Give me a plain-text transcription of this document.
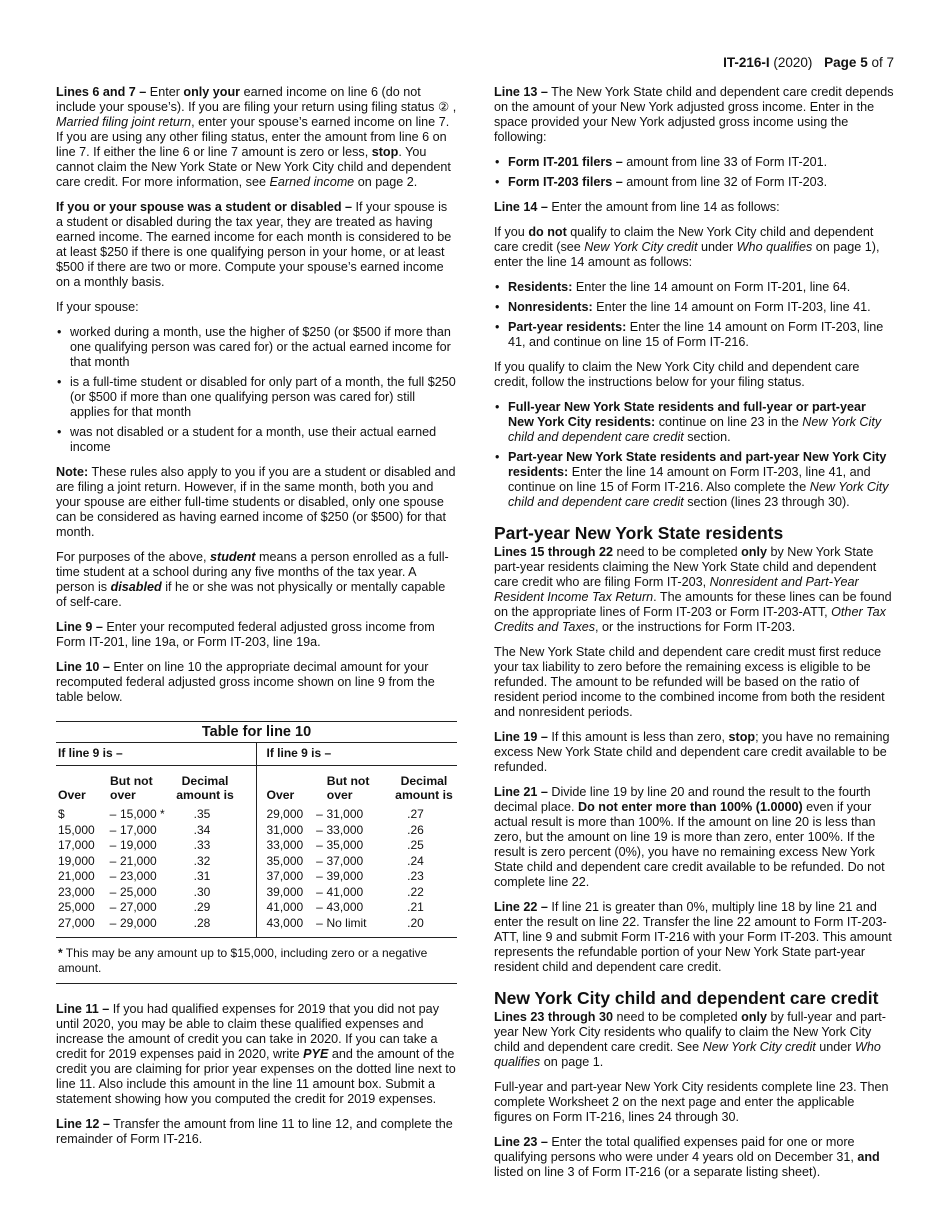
IT-216-I (2020) Page 5 of 7

Lines 6 and 7 – Enter only your earned income on line 6 (do not include your spouse’s). If you are filing your return using filing status ② , Married filing joint return, enter your spouse’s earned income on line 7. If you are using any other filing status, enter the amount from line 6 on line 7. If either the line 6 or line 7 amount is zero or less, stop. You cannot claim the New York State or New York City child and dependent care credit. For more information, see Earned income on page 2.

If you or your spouse was a student or disabled – If your spouse is a student or disabled during the tax year, they are treated as having earned income. The earned income for each month is considered to be at least $250 if there is one qualifying person in your home, or at least $500 if there are two or more. Compute your spouse’s earned income on a monthly basis.

If your spouse:

• worked during a month, use the higher of $250 (or $500 if more than one qualifying person was cared for) or the actual earned income for that month
• is a full-time student or disabled for only part of a month, the full $250 (or $500 if more than one qualifying person was cared for) still applies for that month
• was not disabled or a student for a month, use their actual earned income

Note: These rules also apply to you if you are a student or disabled and are filing a joint return. However, if in the same month, both you and your spouse are either full-time students or disabled, only one spouse can be considered as having earned income of $250 (or $500) for that month.

For purposes of the above, student means a person enrolled as a full-time student at a school during any five months of the tax year. A person is disabled if he or she was not physically or mentally capable of self-care.

Line 9 – Enter your recomputed federal adjusted gross income from Form IT-201, line 19a, or Form IT-203, line 19a.

Line 10 – Enter on line 10 the appropriate decimal amount for your recomputed federal adjusted gross income shown on line 9 from the table below.

Table for line 10
If line 9 is –
Over
But not over
Decimal amount is
$	– 15,000 *	.35
15,000	– 17,000	.34
17,000	– 19,000	.33
19,000	– 21,000	.32
21,000	– 23,000	.31
23,000	– 25,000	.30
25,000	– 27,000	.29
27,000	– 29,000	.28
If line 9 is –
Over
But not over
Decimal amount is
29,000	– 31,000	.27
31,000	– 33,000	.26
33,000	– 35,000	.25
35,000	– 37,000	.24
37,000	– 39,000	.23
39,000	– 41,000	.22
41,000	– 43,000	.21
43,000	– No limit	.20
* This may be any amount up to $15,000, including zero or a negative amount.

Line 11 – If you had qualified expenses for 2019 that you did not pay until 2020, you may be able to claim these qualified expenses and increase the amount of credit you can take in 2020. If you can take a credit for 2019 expenses paid in 2020, write PYE and the amount of the credit you are claiming for prior year expenses on the dotted line next to line 11. Also include this amount in the line 11 amount box. Submit a statement showing how you computed the credit for 2019 expenses.

Line 12 – Transfer the amount from line 11 to line 12, and complete the remainder of Form IT-216.

Line 13 – The New York State child and dependent care credit depends on the amount of your New York adjusted gross income. Enter in the space provided your New York adjusted gross income using the following:

• Form IT-201 filers – amount from line 33 of Form IT-201.
• Form IT-203 filers – amount from line 32 of Form IT-203.

Line 14 – Enter the amount from line 14 as follows:

If you do not qualify to claim the New York City child and dependent care credit (see New York City credit under Who qualifies on page 1), enter the line 14 amount as follows:

• Residents: Enter the line 14 amount on Form IT-201, line 64.
• Nonresidents: Enter the line 14 amount on Form IT-203, line 41.
• Part-year residents: Enter the line 14 amount on Form IT-203, line 41, and continue on line 15 of Form IT-216.

If you qualify to claim the New York City child and dependent care credit, follow the instructions below for your filing status.

• Full-year New York State residents and full-year or part-year New York City residents: continue on line 23 in the New York City child and dependent care credit section.
• Part-year New York State residents and part-year New York City residents: Enter the line 14 amount on Form IT-203, line 41, and continue on line 15 of Form IT-216. Also complete the New York City child and dependent care credit section (lines 23 through 30).
Part-year New York State residents

Lines 15 through 22 need to be completed only by New York State part-year residents claiming the New York State child and dependent care credit who are filing Form IT-203, Nonresident and Part-Year Resident Income Tax Return. The amounts for these lines can be found on the appropriate lines of Form IT-203 or Form IT-203-ATT, Other Tax Credits and Taxes, or the instructions for Form IT-203.

The New York State child and dependent care credit must first reduce your tax liability to zero before the remaining excess is eligible to be refunded. The amount to be refunded will be based on the ratio of resident period income to the combined income from both the resident and nonresident periods.

Line 19 – If this amount is less than zero, stop; you have no remaining excess New York State child and dependent care credit available to be refunded.

Line 21 – Divide line 19 by line 20 and round the result to the fourth decimal place. Do not enter more than 100% (1.0000) even if your actual result is more than 100%. If the amount on line 20 is less than zero, but the amount on line 19 is more than zero, enter 100%. If the result is zero percent (0%), you have no remaining excess New York State child and dependent care credit available to be refunded. Do not complete line 22.

Line 22 – If line 21 is greater than 0%, multiply line 18 by line 21 and enter the result on line 22. Transfer the line 22 amount to Form IT-203-ATT, line 9 and submit Form IT-216 with your Form IT-203. This amount represents the refundable portion of your New York State part-year resident child and dependent care credit.

New York City child and dependent care credit

Lines 23 through 30 need to be completed only by full-year and part-year New York City residents who qualify to claim the New York City child and dependent care credit. See New York City credit under Who qualifies on page 1.

Full-year and part-year New York City residents complete line 23. Then complete Worksheet 2 on the next page and enter the applicable figures on Form IT-216, lines 24 through 30.

Line 23 – Enter the total qualified expenses paid for one or more qualifying persons who were under 4 years old on December 31, and listed on line 3 of Form IT-216 (or a separate listing sheet).
